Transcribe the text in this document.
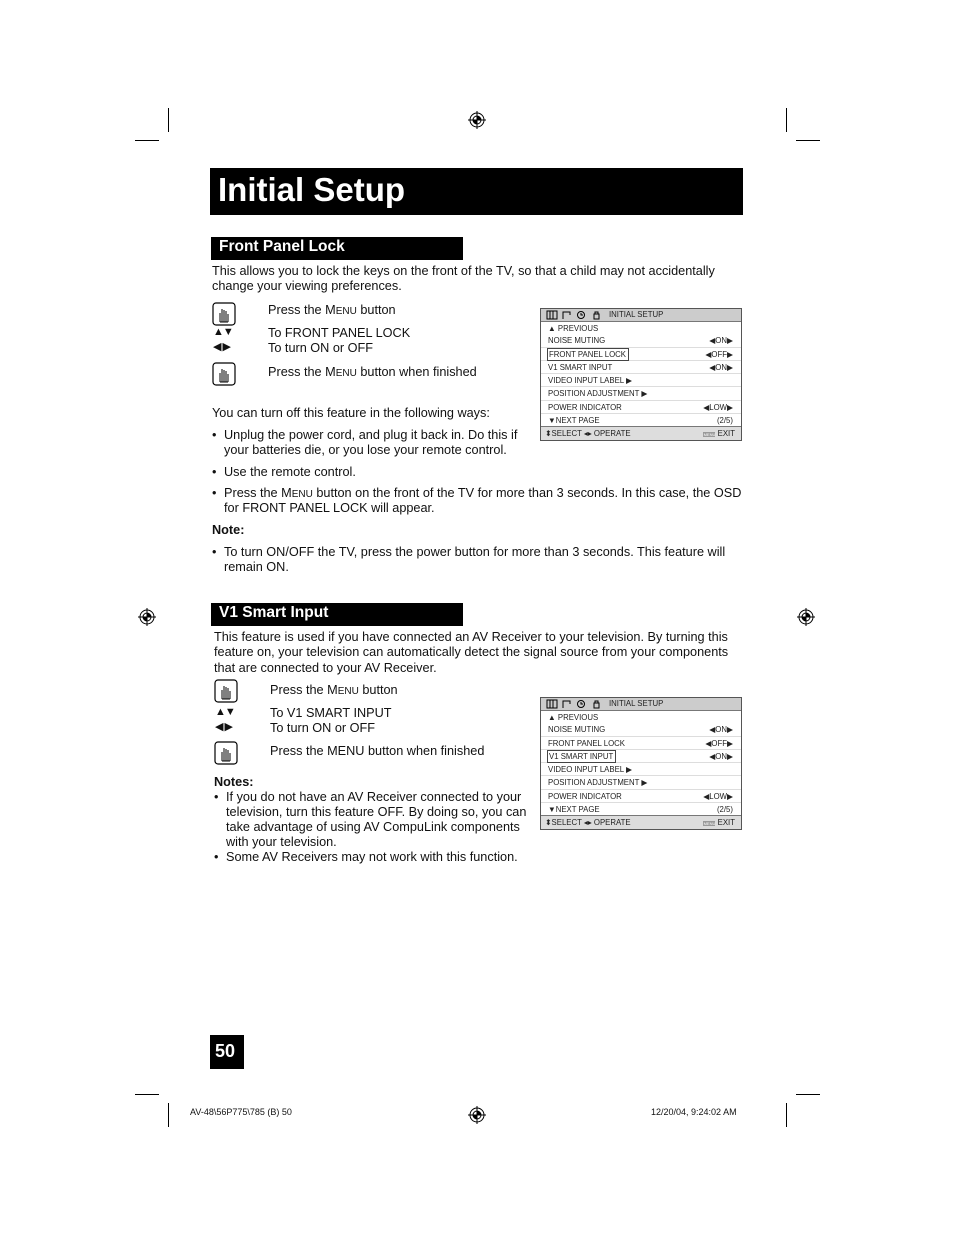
Initial Setup
Front Panel Lock
This allows you to lock the keys on the front of the TV, so that a child may not accidentally
change your viewing preferences.
Press the MENU button
▲▼
◀ ▶
To FRONT PANEL LOCK
To turn ON or OFF
Press the MENU button when finished
You can turn off this feature in the following ways:
• Unplug the power cord, and plug it back in. Do this if
your batteries die, or you lose your remote control.
• Use the remote control.
• Press the MENU button on the front of the TV for more than 3 seconds. In this case, the OSD
for FRONT PANEL LOCK will appear.
Note:
• To turn ON/OFF the TV, press the power button for more than 3 seconds. This feature will
remain ON.
INITIAL SETUP
▲ PREVIOUS
NOISE MUTING	◀ON▶
FRONT PANEL LOCK	◀OFF▶
V1 SMART INPUT	◀ON▶
VIDEO INPUT LABEL ▶
POSITION ADJUSTMENT ▶
POWER INDICATOR	◀LOW▶
▼NEXT PAGE	(2/5)
⬍SELECT ◂▸ OPERATE	MENU EXIT
V1 Smart Input
This feature is used if you have connected an AV Receiver to your television. By turning this
feature on, your television can automatically detect the signal source from your components
that are connected to your AV Receiver.
Press the MENU button
▲▼
◀ ▶
To V1 SMART INPUT
To turn ON or OFF
Press the MENU button when finished
Notes:
• If you do not have an AV Receiver connected to your
television, turn this feature OFF. By doing so, you can
take advantage of using AV CompuLink components
with your television.
• Some AV Receivers may not work with this function.
INITIAL SETUP
▲ PREVIOUS
NOISE MUTING	◀ON▶
FRONT PANEL LOCK	◀OFF▶
V1 SMART INPUT	◀ON▶
VIDEO INPUT LABEL ▶
POSITION ADJUSTMENT ▶
POWER INDICATOR	◀LOW▶
▼NEXT PAGE	(2/5)
⬍SELECT ◂▸ OPERATE	MENU EXIT
50
AV-48\56P775\785 (B) 50	12/20/04, 9:24:02 AM
